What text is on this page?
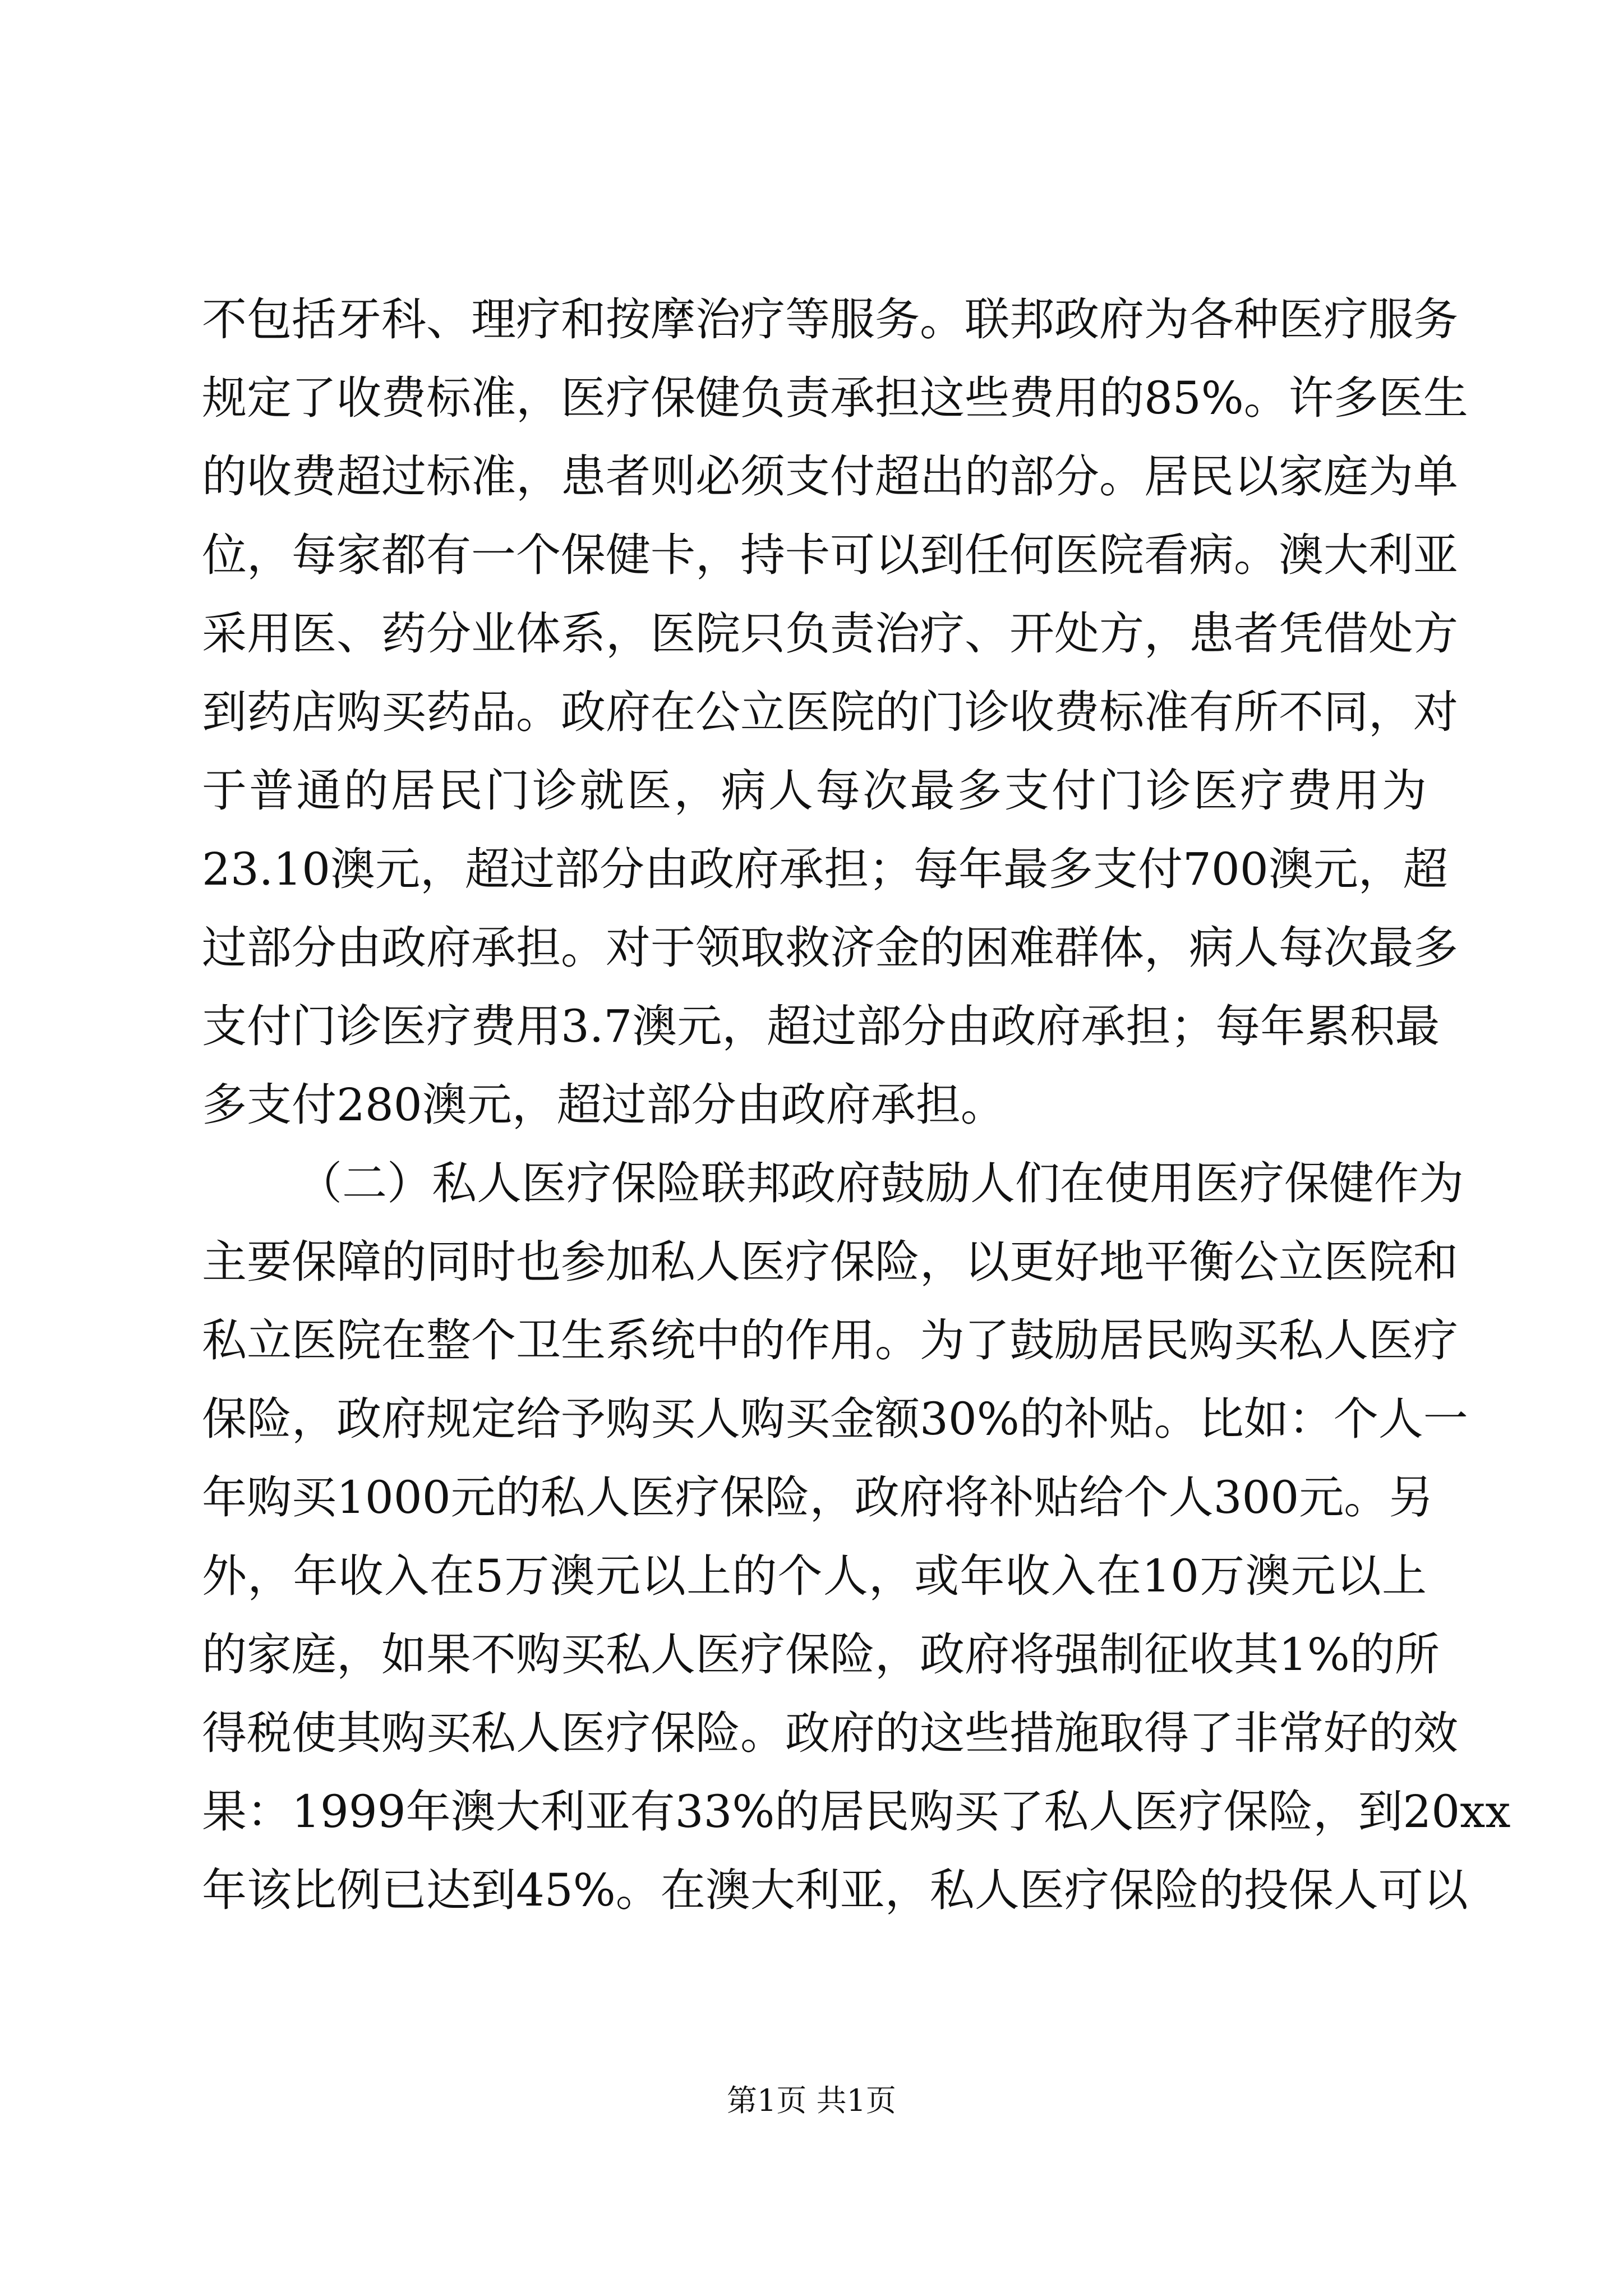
不包括牙科、理疗和按摩治疗等服务。联邦政府为各种医疗服务
规定了收费标准，医疗保健负责承担这些费用的85%。许多医生
的收费超过标准，患者则必须支付超出的部分。居民以家庭为单
位，每家都有一个保健卡，持卡可以到任何医院看病。澳大利亚
采用医、药分业体系，医院只负责治疗、开处方，患者凭借处方
到药店购买药品。政府在公立医院的门诊收费标准有所不同，对
于普通的居民门诊就医，病人每次最多支付门诊医疗费用为
23.10澳元，超过部分由政府承担；每年最多支付700澳元，超
过部分由政府承担。对于领取救济金的困难群体，病人每次最多
支付门诊医疗费用3.7澳元，超过部分由政府承担；每年累积最
多支付280澳元，超过部分由政府承担。
（二）私人医疗保险联邦政府鼓励人们在使用医疗保健作为
主要保障的同时也参加私人医疗保险，以更好地平衡公立医院和
私立医院在整个卫生系统中的作用。为了鼓励居民购买私人医疗
保险，政府规定给予购买人购买金额30%的补贴。比如：个人一
年购买1000元的私人医疗保险，政府将补贴给个人300元。另
外，年收入在5万澳元以上的个人，或年收入在10万澳元以上
的家庭，如果不购买私人医疗保险，政府将强制征收其1%的所
得税使其购买私人医疗保险。政府的这些措施取得了非常好的效
果：1999年澳大利亚有33%的居民购买了私人医疗保险，到20xx
年该比例已达到45%。在澳大利亚，私人医疗保险的投保人可以
第1页 共1页
